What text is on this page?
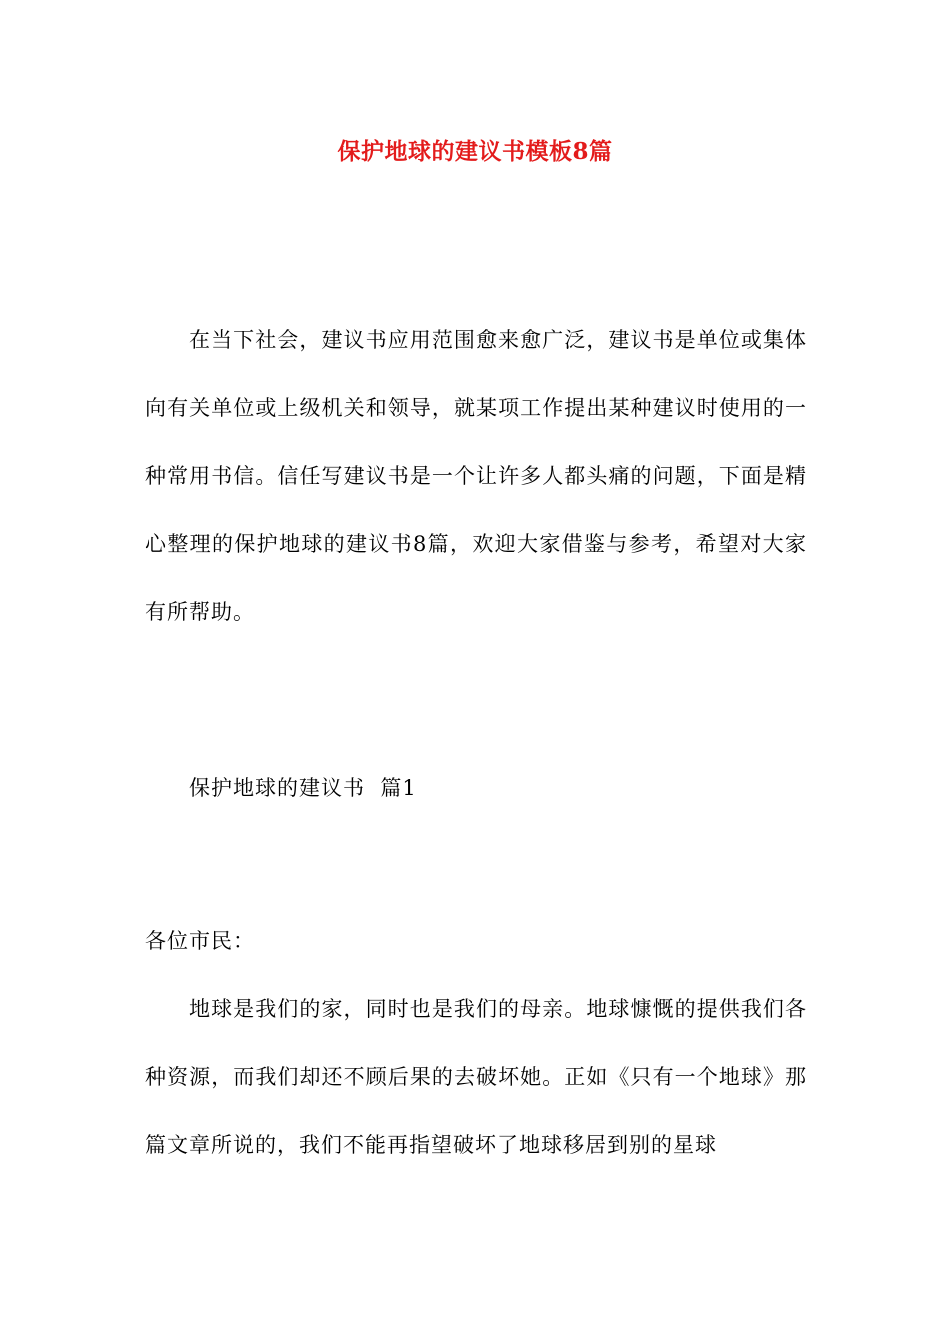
保护地球的建议书模板8篇

在当下社会，建议书应用范围愈来愈广泛，建议书是单位或集体向有关单位或上级机关和领导，就某项工作提出某种建议时使用的一种常用书信。信任写建议书是一个让许多人都头痛的问题，下面是精心整理的保护地球的建议书8篇，欢迎大家借鉴与参考，希望对大家有所帮助。

保护地球的建议书  篇1

各位市民：

地球是我们的家，同时也是我们的母亲。地球慷慨的提供我们各种资源，而我们却还不顾后果的去破坏她。正如《只有一个地球》那篇文章所说的，我们不能再指望破坏了地球移居到别的星球
